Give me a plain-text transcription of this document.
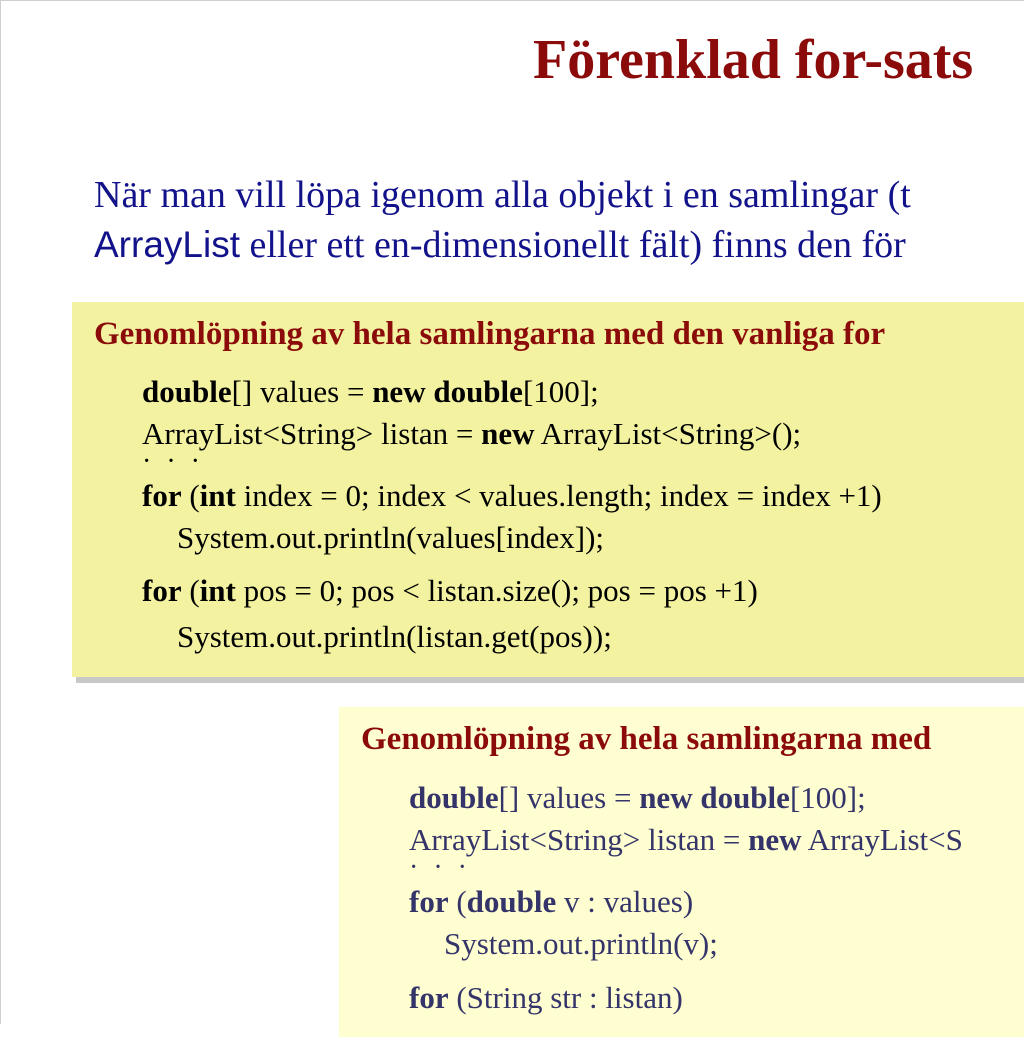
Förenklad for-sats
När man vill löpa igenom alla objekt i en samlingar (t
ArrayList eller ett en-dimensionellt fält) finns den för
Genomlöpning av hela samlingarna med den vanliga for
double[] values = new double[100];
ArrayList<String> listan = new ArrayList<String>();
· · ·
for (int index = 0; index < values.length; index = index +1)
System.out.println(values[index]);
for (int pos = 0; pos < listan.size(); pos = pos +1)
System.out.println(listan.get(pos));
Genomlöpning av hela samlingarna med
double[] values = new double[100];
ArrayList<String> listan = new ArrayList<S
· · ·
for (double v : values)
System.out.println(v);
for (String str : listan)
